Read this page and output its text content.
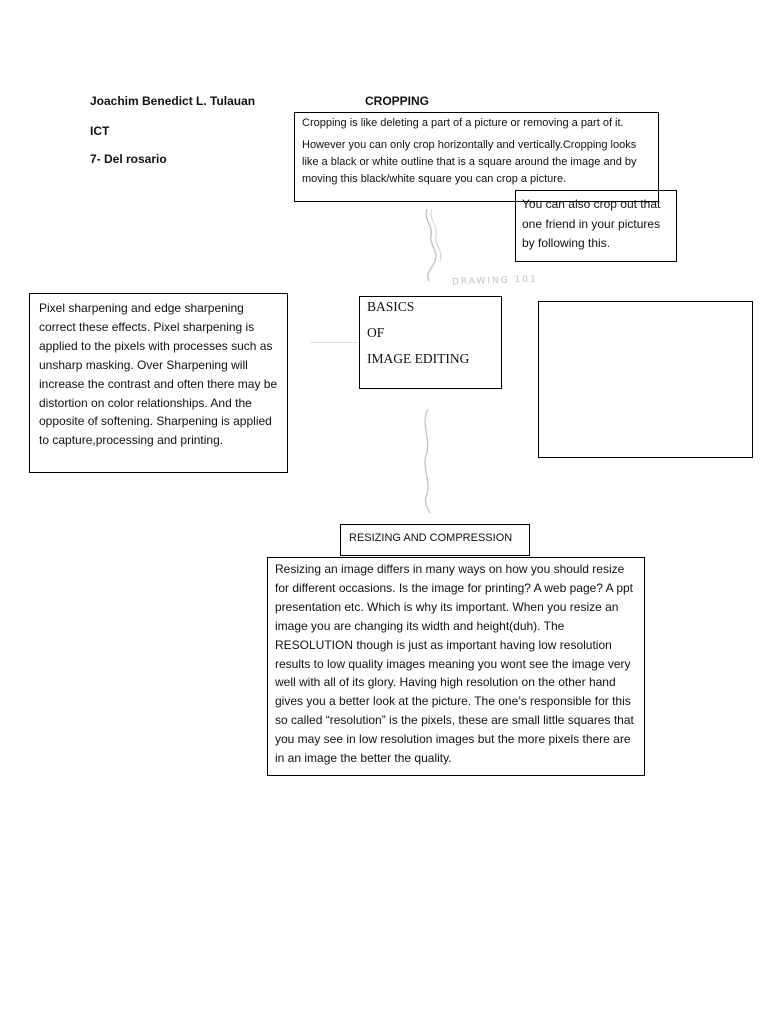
Joachim Benedict L. Tulauan
ICT
7- Del rosario
CROPPING

Cropping is like deleting a part of a picture or removing a part of it.

However you can only crop horizontally and vertically.Cropping looks like a black or white outline that is a square around the image and by moving this black/white square you can crop a picture.

You can also crop out that one friend in your pictures by following this.

DRAWING 101

Pixel sharpening and edge sharpening correct these effects. Pixel sharpening is applied to the pixels with processes such as unsharp masking. Over Sharpening will increase the contrast and often there may be distortion on color relationships. And the opposite of softening. Sharpening is applied to capture,processing and printing.

BASICS

OF

IMAGE EDITING

RESIZING AND COMPRESSION

Resizing an image differs in many ways on how you should resize for different occasions. Is the image for printing? A web page? A ppt presentation etc. Which is why its important. When you resize an image you are changing its width and height(duh). The RESOLUTION though is just as important having low resolution results to low quality images meaning you wont see the image very well with all of its glory. Having high resolution on the other hand gives you a better look at the picture. The one’s responsible for this so called “resolution” is the pixels, these are small little squares that you may see in low resolution images but the more pixels there are in an image the better the quality.
